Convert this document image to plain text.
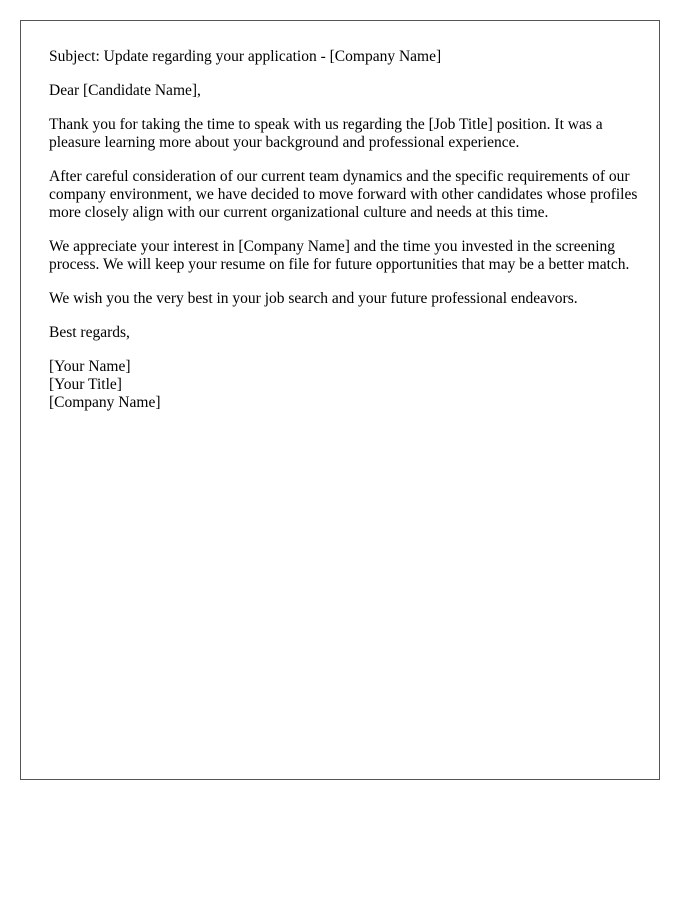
Subject: Update regarding your application - [Company Name]

Dear [Candidate Name],

Thank you for taking the time to speak with us regarding the [Job Title] position. It was a pleasure learning more about your background and professional experience.

After careful consideration of our current team dynamics and the specific requirements of our company environment, we have decided to move forward with other candidates whose profiles more closely align with our current organizational culture and needs at this time.

We appreciate your interest in [Company Name] and the time you invested in the screening process. We will keep your resume on file for future opportunities that may be a better match.

We wish you the very best in your job search and your future professional endeavors.

Best regards,

[Your Name]
[Your Title]
[Company Name]
